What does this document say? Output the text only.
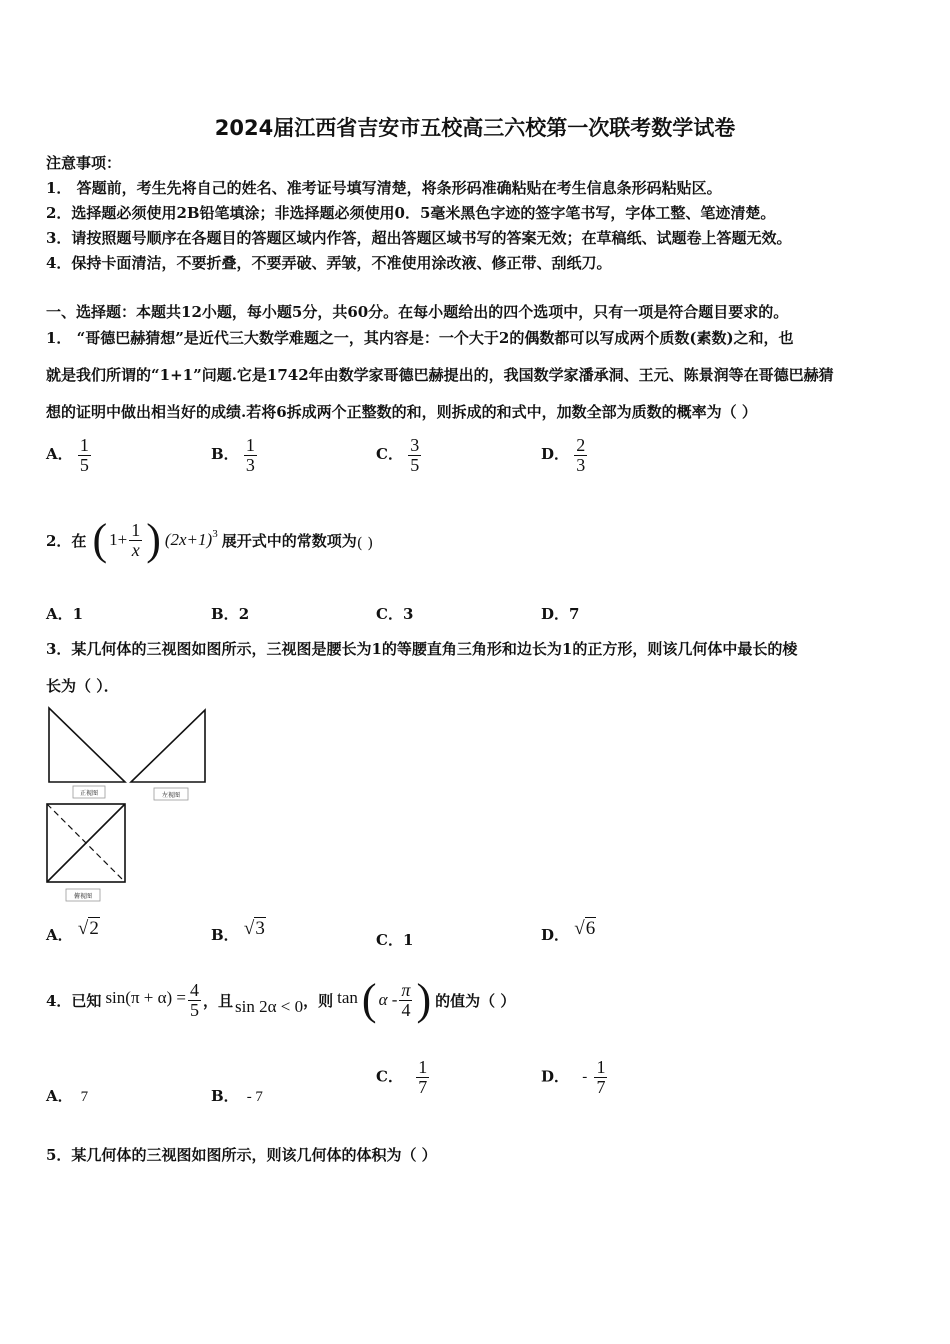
2024届江西省吉安市五校高三六校第一次联考数学试卷
注意事项：
1． 答题前，考生先将自己的姓名、准考证号填写清楚，将条形码准确粘贴在考生信息条形码粘贴区。
2．选择题必须使用2B铅笔填涂；非选择题必须使用0．5毫米黑色字迹的签字笔书写，字体工整、笔迹清楚。
3．请按照题号顺序在各题目的答题区域内作答，超出答题区域书写的答案无效；在草稿纸、试题卷上答题无效。
4．保持卡面清洁，不要折叠，不要弄破、弄皱，不准使用涂改液、修正带、刮纸刀。
一、选择题：本题共12小题，每小题5分，共60分。在每小题给出的四个选项中，只有一项是符合题目要求的。
1． “哥德巴赫猜想”是近代三大数学难题之一，其内容是：一个大于2的偶数都可以写成两个质数(素数)之和，也
就是我们所谓的“1+1”问题.它是1742年由数学家哥德巴赫提出的，我国数学家潘承洞、王元、陈景润等在哥德巴赫猜
想的证明中做出相当好的成绩.若将6拆成两个正整数的和，则拆成的和式中，加数全部为质数的概率为（ ）
A． $\frac{1}{5}$	B． $\frac{1}{3}$	C． $\frac{3}{5}$	D． $\frac{2}{3}$
2．在 ( $1+ \frac{1}{x}$ ) $(2x+1)^3$ 展开式中的常数项为 ( )
A．1	B．2	C．3	D．7
3．某几何体的三视图如图所示，三视图是腰长为1的等腰直角三角形和边长为1的正方形，则该几何体中最长的棱
长为（ ）．
正视图	左视图
俯视图
A． √2	B． √3
C．1	D． √6
4．已知 $\sin(\pi + \alpha) = \frac{4}{5}$ ，且 sin 2α < 0 ，则 tan ( α - $\frac{\pi}{4}$ ) 的值为（ ）
A． 7	B． - 7
C． $\frac{1}{7}$	D． - $\frac{1}{7}$
5．某几何体的三视图如图所示，则该几何体的体积为（ ）
